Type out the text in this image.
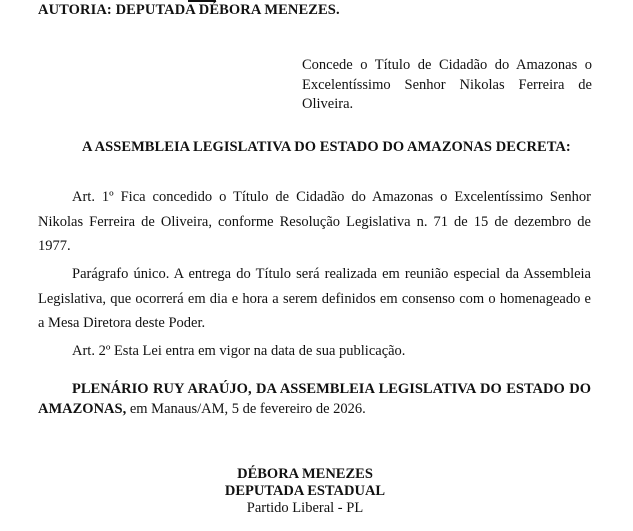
AUTORIA: DEPUTADA DÉBORA MENEZES.
Concede o Título de Cidadão do Amazonas o Excelentíssimo Senhor Nikolas Ferreira de Oliveira.
A ASSEMBLEIA LEGISLATIVA DO ESTADO DO AMAZONAS DECRETA:

Art. 1º Fica concedido o Título de Cidadão do Amazonas o Excelentíssimo Senhor Nikolas Ferreira de Oliveira, conforme Resolução Legislativa n. 71 de 15 de dezembro de 1977.

Parágrafo único. A entrega do Título será realizada em reunião especial da Assembleia Legislativa, que ocorrerá em dia e hora a serem definidos em consenso com o homenageado e a Mesa Diretora deste Poder.

Art. 2º Esta Lei entra em vigor na data de sua publicação.

PLENÁRIO RUY ARAÚJO, DA ASSEMBLEIA LEGISLATIVA DO ESTADO DO AMAZONAS, em Manaus/AM, 5 de fevereiro de 2026.

DÉBORA MENEZES
DEPUTADA ESTADUAL
Partido Liberal - PL
